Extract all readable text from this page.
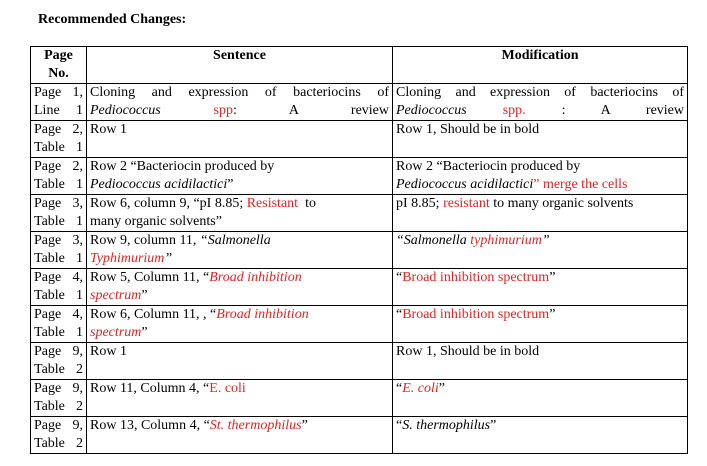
Recommended Changes:
Page
No.	Sentence	Modification
Page 1,
Line 1	Cloning and expression of bacteriocins of
Pediococcus spp: A review	Cloning and expression of bacteriocins of
Pediococcus spp. : A review
Page 2,
Table 1	Row 1	Row 1, Should be in bold
Page 2,
Table 1	Row 2 “Bacteriocin produced by
Pediococcus acidilactici”	Row 2 “Bacteriocin produced by
Pediococcus acidilactici” merge the cells
Page 3,
Table 1	Row 6, column 9, “pI 8.85; Resistant to
many organic solvents”	pI 8.85; resistant to many organic solvents
Page 3,
Table 1	Row 9, column 11, “Salmonella
Typhimurium”	“Salmonella typhimurium”
Page 4,
Table 1	Row 5, Column 11, “Broad inhibition
spectrum”	“Broad inhibition spectrum”
Page 4,
Table 1	Row 6, Column 11, , “Broad inhibition
spectrum”	“Broad inhibition spectrum”
Page 9,
Table 2	Row 1	Row 1, Should be in bold
Page 9,
Table 2	Row 11, Column 4, “E. coli	“E. coli”
Page 9,
Table 2	Row 13, Column 4, “St. thermophilus”	“S. thermophilus”
